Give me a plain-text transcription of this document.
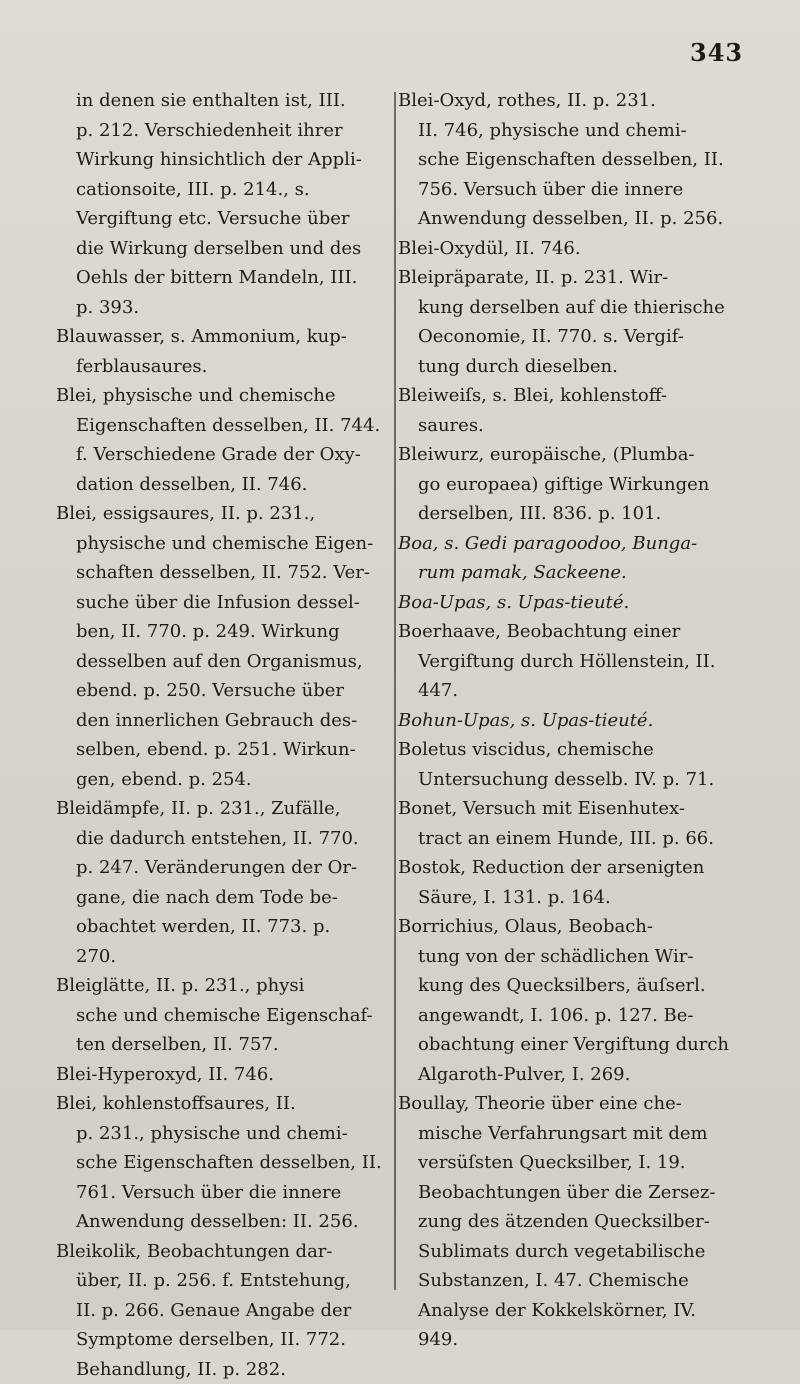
343
in denen sie enthalten ist, III.
p. 212. Verschiedenheit ihrer
Wirkung hinsichtlich der Appli-
cationsoite, III. p. 214., s.
Vergiftung etc. Versuche über
die Wirkung derselben und des
Oehls der bittern Mandeln, III.
p. 393.
Blauwasser, s. Ammonium, kup-
ferblausaures.
Blei, physische und chemische
Eigenschaften desselben, II. 744.
f. Verschiedene Grade der Oxy-
dation desselben, II. 746.
Blei, essigsaures, II. p. 231.,
physische und chemische Eigen-
schaften desselben, II. 752. Ver-
suche über die Infusion dessel-
ben, II. 770. p. 249. Wirkung
desselben auf den Organismus,
ebend. p. 250. Versuche über
den innerlichen Gebrauch des-
selben, ebend. p. 251. Wirkun-
gen, ebend. p. 254.
Bleidämpfe, II. p. 231., Zufälle,
die dadurch entstehen, II. 770.
p. 247. Veränderungen der Or-
gane, die nach dem Tode be-
obachtet werden, II. 773. p.
270.
Bleiglätte, II. p. 231., physi
sche und chemische Eigenschaf-
ten derselben, II. 757.
Blei-Hyperoxyd, II. 746.
Blei, kohlenstoffsaures, II.
p. 231., physische und chemi-
sche Eigenschaften desselben, II.
761. Versuch über die innere
Anwendung desselben: II. 256.
Bleikolik, Beobachtungen dar-
über, II. p. 256. f. Entstehung,
II. p. 266. Genaue Angabe der
Symptome derselben, II. 772.
Behandlung, II. p. 282.
Blei-Oxyd, rothes, II. p. 231.
II. 746, physische und chemi-
sche Eigenschaften desselben, II.
756. Versuch über die innere
Anwendung desselben, II. p. 256.
Blei-Oxydül, II. 746.
Bleipräparate, II. p. 231. Wir-
kung derselben auf die thierische
Oeconomie, II. 770. s. Vergif-
tung durch dieselben.
Bleiweiſs, s. Blei, kohlenstoff-
saures.
Bleiwurz, europäische, (Plumba-
go europaea) giftige Wirkungen
derselben, III. 836. p. 101.
Boa, s. Gedi paragoodoo, Bunga-
rum pamak, Sackeene.
Boa-Upas, s. Upas-tieuté.
Boerhaave, Beobachtung einer
Vergiftung durch Höllenstein, II.
447.
Bohun-Upas, s. Upas-tieuté.
Boletus viscidus, chemische
Untersuchung desselb. IV. p. 71.
Bonet, Versuch mit Eisenhutex-
tract an einem Hunde, III. p. 66.
Bostok, Reduction der arsenigten
Säure, I. 131. p. 164.
Borrichius, Olaus, Beobach-
tung von der schädlichen Wir-
kung des Quecksilbers, äuſserl.
angewandt, I. 106. p. 127. Be-
obachtung einer Vergiftung durch
Algaroth-Pulver, I. 269.
Boullay, Theorie über eine che-
mische Verfahrungsart mit dem
versüſsten Quecksilber, I. 19.
Beobachtungen über die Zersez-
zung des ätzenden Quecksilber-
Sublimats durch vegetabilische
Substanzen, I. 47. Chemische
Analyse der Kokkelskörner, IV.
949.
